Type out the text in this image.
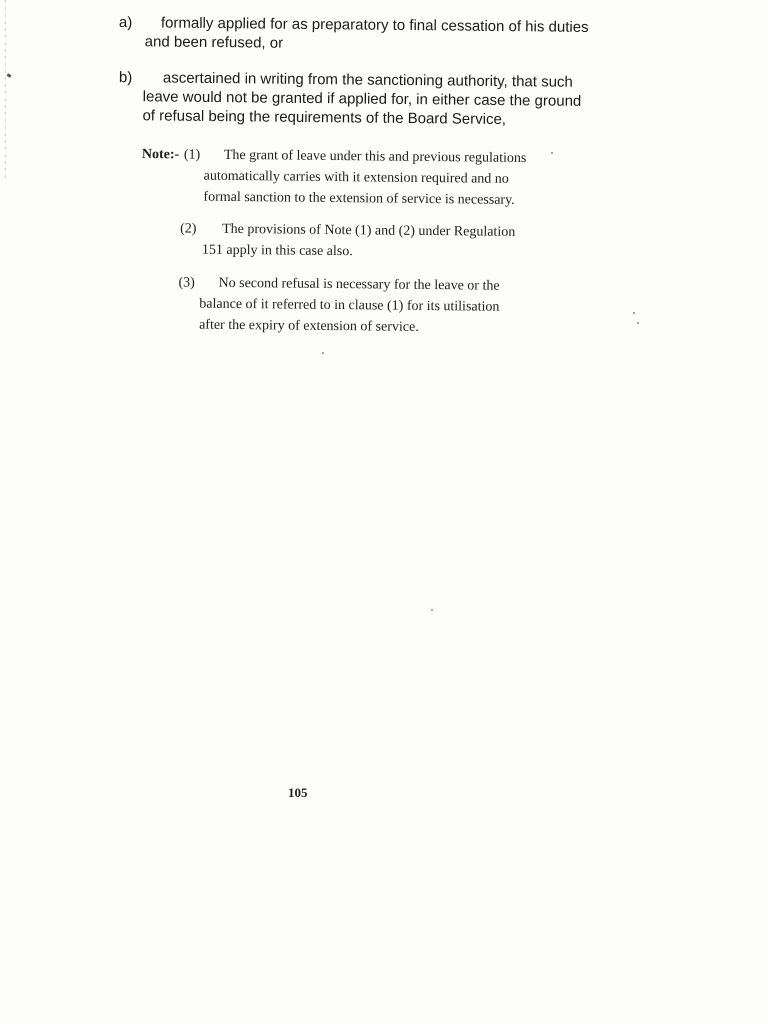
a)	formally applied for as preparatory to final cessation of his duties
and been refused, or
b)	ascertained in writing from the sanctioning authority, that such
leave would not be granted if applied for, in either case the ground
of refusal being the requirements of the Board Service,
Note:- (1)	The grant of leave under this and previous regulations
automatically carries with it extension required and no
formal sanction to the extension of service is necessary.
(2)	The provisions of Note (1) and (2) under Regulation
151 apply in this case also.
(3)	No second refusal is necessary for the leave or the
balance of it referred to in clause (1) for its utilisation
after the expiry of extension of service.
105
